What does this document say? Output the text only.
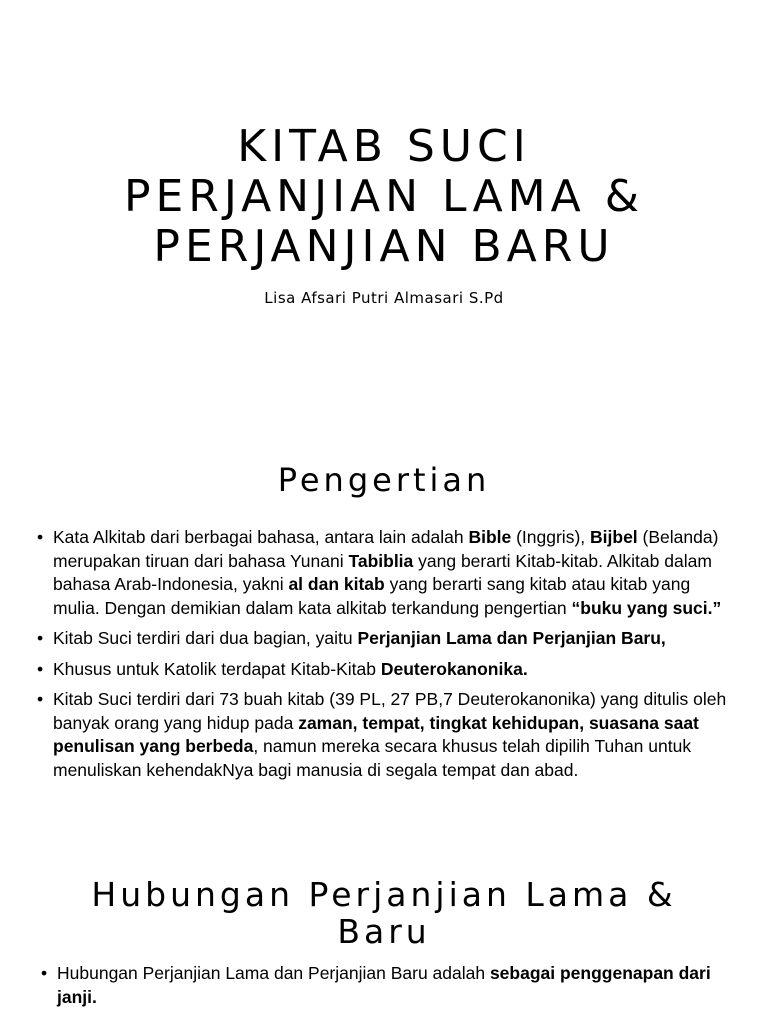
KITAB SUCI
PERJANJIAN LAMA &
PERJANJIAN BARU
Lisa Afsari Putri Almasari S.Pd
Pengertian
• Kata Alkitab dari berbagai bahasa, antara lain adalah Bible (Inggris), Bijbel (Belanda) merupakan tiruan dari bahasa Yunani Tabiblia yang berarti Kitab-kitab. Alkitab dalam bahasa Arab-Indonesia, yakni al dan kitab yang berarti sang kitab atau kitab yang mulia. Dengan demikian dalam kata alkitab terkandung pengertian “buku yang suci.”
• Kitab Suci terdiri dari dua bagian, yaitu Perjanjian Lama dan Perjanjian Baru,
• Khusus untuk Katolik terdapat Kitab-Kitab Deuterokanonika.
• Kitab Suci terdiri dari 73 buah kitab (39 PL, 27 PB,7 Deuterokanonika) yang ditulis oleh banyak orang yang hidup pada zaman, tempat, tingkat kehidupan, suasana saat penulisan yang berbeda, namun mereka secara khusus telah dipilih Tuhan untuk menuliskan kehendakNya bagi manusia di segala tempat dan abad.
Hubungan Perjanjian Lama &
Baru
• Hubungan Perjanjian Lama dan Perjanjian Baru adalah sebagai penggenapan dari janji.
